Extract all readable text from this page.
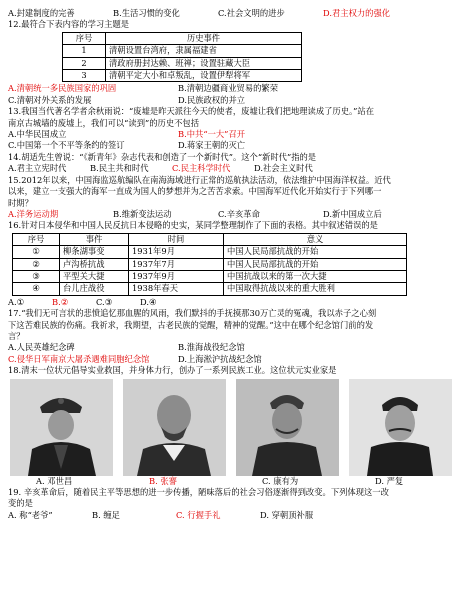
A.封建制度的完善	B.生活习惯的变化	C.社会文明的进步	D.君主权力的强化
12.最符合下表内容的学习主题是
序号	历史事件
1	清朝设置台湾府，隶属福建省
2	清政府册封达赖、班禅；设置驻藏大臣
3	清朝平定大小和卓叛乱，设置伊犁将军
A.清朝统一多民族国家的巩固	B.清朝边疆商业贸易的繁荣
C.清朝对外关系的发展	D.民族政权的并立
13.我国当代著名学者余秋雨说：“废墟是昨天派往今天的使者，废墟让我们把地理读成了历史。”站在
南京古城墙的废墟上，我们可以“读到”的历史不包括
A.中华民国成立	B.中共“一大”召开
C.中国第一个不平等条约的签订	D.蒋家王朝的灭亡
14.胡适先生曾说：“《新青年》杂志代表和创造了一个新时代”。这个“新时代”指的是
A.君主立宪时代	B.民主共和时代	C.民主科学时代	D.社会主义时代
15.2012年以来，中国海监巡航编队在南海海域进行正常的巡航执法活动，依法维护中国海洋权益。近代
以来，建立一支强大的海军一直成为国人的梦想并为之苦苦求索。中国海军近代化开始实行于下列哪一
时期？
A.洋务运动期	B.维新变法运动	C.辛亥革命	D.新中国成立后
16.针对日本侵华和中国人民反抗日本侵略的史实，某同学整理制作了下面的表格。其中叙述错误的是
序号	事件	时间	意义
①	柳条湖事变	1931年9月	中国人民局部抗战的开始
②	卢沟桥抗战	1937年7月	中国人民局部抗战的开始
③	平型关大捷	1937年9月	中国抗战以来的第一次大捷
④	台儿庄战役	1938年春天	中国取得抗战以来的重大胜利
A.①	B.②	C.③	D.④
17.“我们无可言状的悲愤追忆那血腥的风雨，我们默抖的手抚摸那30万亡灵的冤魂，我以赤子之心刻
下这苦难民族的伤痛。我祈求，我期望，古老民族的觉醒，精神的觉醒。”这中在哪个纪念馆门前的发
言？
A.人民英雄纪念碑	B.淮海战役纪念馆
C.侵华日军南京大屠杀遇难同胞纪念馆	D.上海淞沪抗战纪念馆
18.清末一位状元倡导实业救国，并身体力行，创办了一系列民族工业。这位状元实业家是
A. 邓世昌	B. 张謇	C. 康有为	D. 严复
19. 辛亥革命后，随着民主平等思想的进一步传播，陋味落后的社会习俗逐渐得到改变。下列体现这一改
变的是
A. 称“老爷”	B. 缠足	C. 行握手礼	D. 穿朝顶补服
